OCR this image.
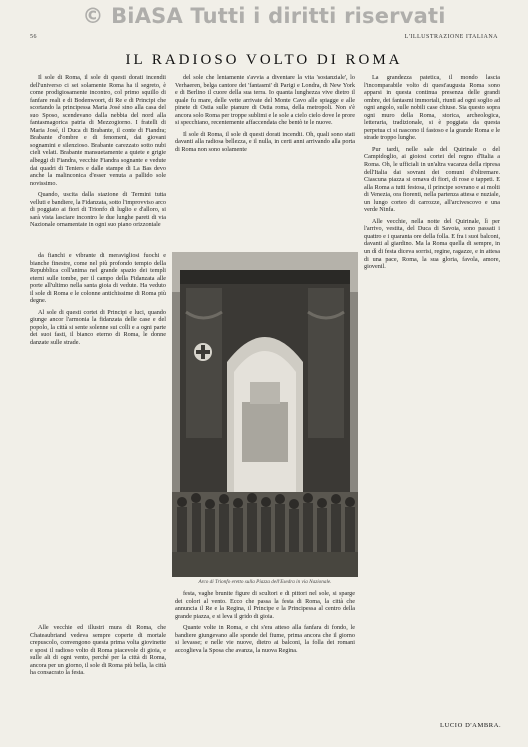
© BiASA Tutti i diritti riservati
56	L'ILLUSTRAZIONE ITALIANA
IL RADIOSO VOLTO DI ROMA

Il sole di Roma, il sole di questi dorati incendii dell'universo ci sei solamente Roma ha il segreto, è come prodigiosamente incontro, col primo squillo di fanfare reali e di Bodenwoort, di Re e di Principi che scortando la principessa Maria José sino alla casa del suo Sposo, scendevano dalla nebbia del nord alla fantasmagorica patria di Mezzogiorno. I fratelli di Maria José, il Duca di Brabante, il conte di Fiandra; Brabante d'ombre e di fenomeni, dai giovani sognamini e silenzioso. Brabante carezzato sotto nubi cieli velati. Brabante mansuetamente a quiete e grigie albeggi di Fiandra, vecchie Fiandra sognante e vedute dai quadri di Teniers e dalle stampe di La Bas devo anche la malinconica d'esser venuta a pallido sole novissimo.

Quando, uscita dalla stazione di Termini tutta velluti e bandiere, la Fidanzata, sotto l'improvviso arco di poggiato ai fiori di Trionfo di luglio e d'alloro, si sarà vista lasciare incontro le due lunghe pareti di via Nazionale ornamentate in ogni suo piano orizzontale

del sole che lentamente s'avvia a diventare la vita 'sostanziale', lo Verhaeren, belga cantore dei 'fantasmi' di Parigi e Londra, di New York e di Berlino il cuore della sua terra. Io quanta lunghezza vive dietro il quale fu mare, delle vette arrivate del Monte Cavo alle spiagge e alle pinete di Ostia sulle pianure di Ostia roma, della metropoli. Non s'è ancora solo Roma per troppe sublimi e le sole a cielo cielo dove le prore si specchiano, recentemente affaccendata che bentò te le nuove.

Il sole di Roma, il sole di questi dorati incendii. Oh, quali sono stati davanti alla radiosa bellezza, e il nulla, in certi anni arrivando alla porta di Roma non sono solamente

La grandezza patetica, il mondo lascia l'incomparabile volto di quest'augusta Roma sono apparsi in questa continua presenza delle grandi ombre, dei fantasmi immortali, riunti ad ogni soglio ad ogni angolo, sulle nobili case chiuse. Sia questo sopra ogni muro della Roma, storica, archeologica, letteraria, tradizionale, si è poggiata da questa perpetua ci si nascono il fastoso e la grande Roma e le strade troppo lunghe.

Pur tardi, nelle sale del Quirinale o del Campidoglio, ai gioiosi cortei del regno d'Italia a Roma. Oh, le ufficiali in un'altra vacanza della ripresa dell'Italia dai sovrani dei comuni d'oltremare. Ciascuna piazza si ornava di fiori, di rose e tappeti. E alla Roma a tutti festosa, il principe sovrano e ai molti di Venezia, ora fiorenti, nella partenza attesa e nuziale, un lungo corteo di carrozze, all'arcivescovo e una verde Ninfa.

Alle vecchie, nella notte del Quirinale, lì per l'arrivo, vestita, del Duca di Savoia, sono passati i quattro e i quaranta ore della folla. E fra i suoi balconi, davanti al giardino. Ma la Roma quella di sempre, in un dì di festa diceva sorrisi, regine, ragazze, e in attesa di una pace, Roma, la sua gloria, favola, amore, giovenil.

da fianchi e vibrante di meravigliosi fuochi e bianche finestre, come nel più profondo tempio della Repubblica coll'anima nel grande spazio dei templi eterni sulle tombe, per il campo della Fidanzata alle porte all'ultimo nella santa gioia di vedute. Ha veduto il sole di Roma e le colonne antichissime di Roma più degne.

Al sole di questi cortei di Principi e luci, quando giunge ancor l'armonia la fidanzata delle case e del popolo, la città si sente solenne sui colli e a ogni parte dei suoi fasti, il bianco eterno di Roma, le donne danzate sulle strade.

Alle vecchie ed illustri mura di Roma, che Chateaubriand vedeva sempre coperte di mortale crepuscolo, convengono questa prima volta giovinette e sposi il radioso volto di Roma piacevole di gioia, e sulle ali di ogni vento, perché per la città di Roma, ancora per un giorno, il sole di Roma più bella, la città ha consacrato la festa.

festa, vaghe brunite figure di scultori e di pittori nel sole, si sparge dei colori al vento. Ecco che passa la festa di Roma, la città che annuncia il Re e la Regina, il Principe e la Principessa al centro della grande piazza, e si leva il grido di gioia.

Quante volte in Roma, e chi s'era atteso alla fanfara di fondo, le bandiere giungevano alle sponde del fiume, prima ancora che il giorno si levasse; e nelle vie nuove, dietro ai balconi, la folla dei romani accoglieva la Sposa che avanza, la nuova Regina.

Arco di Trionfo eretto sulla Piazza dell'Esedra in via Nazionale.
LUCIO D'AMBRA.
